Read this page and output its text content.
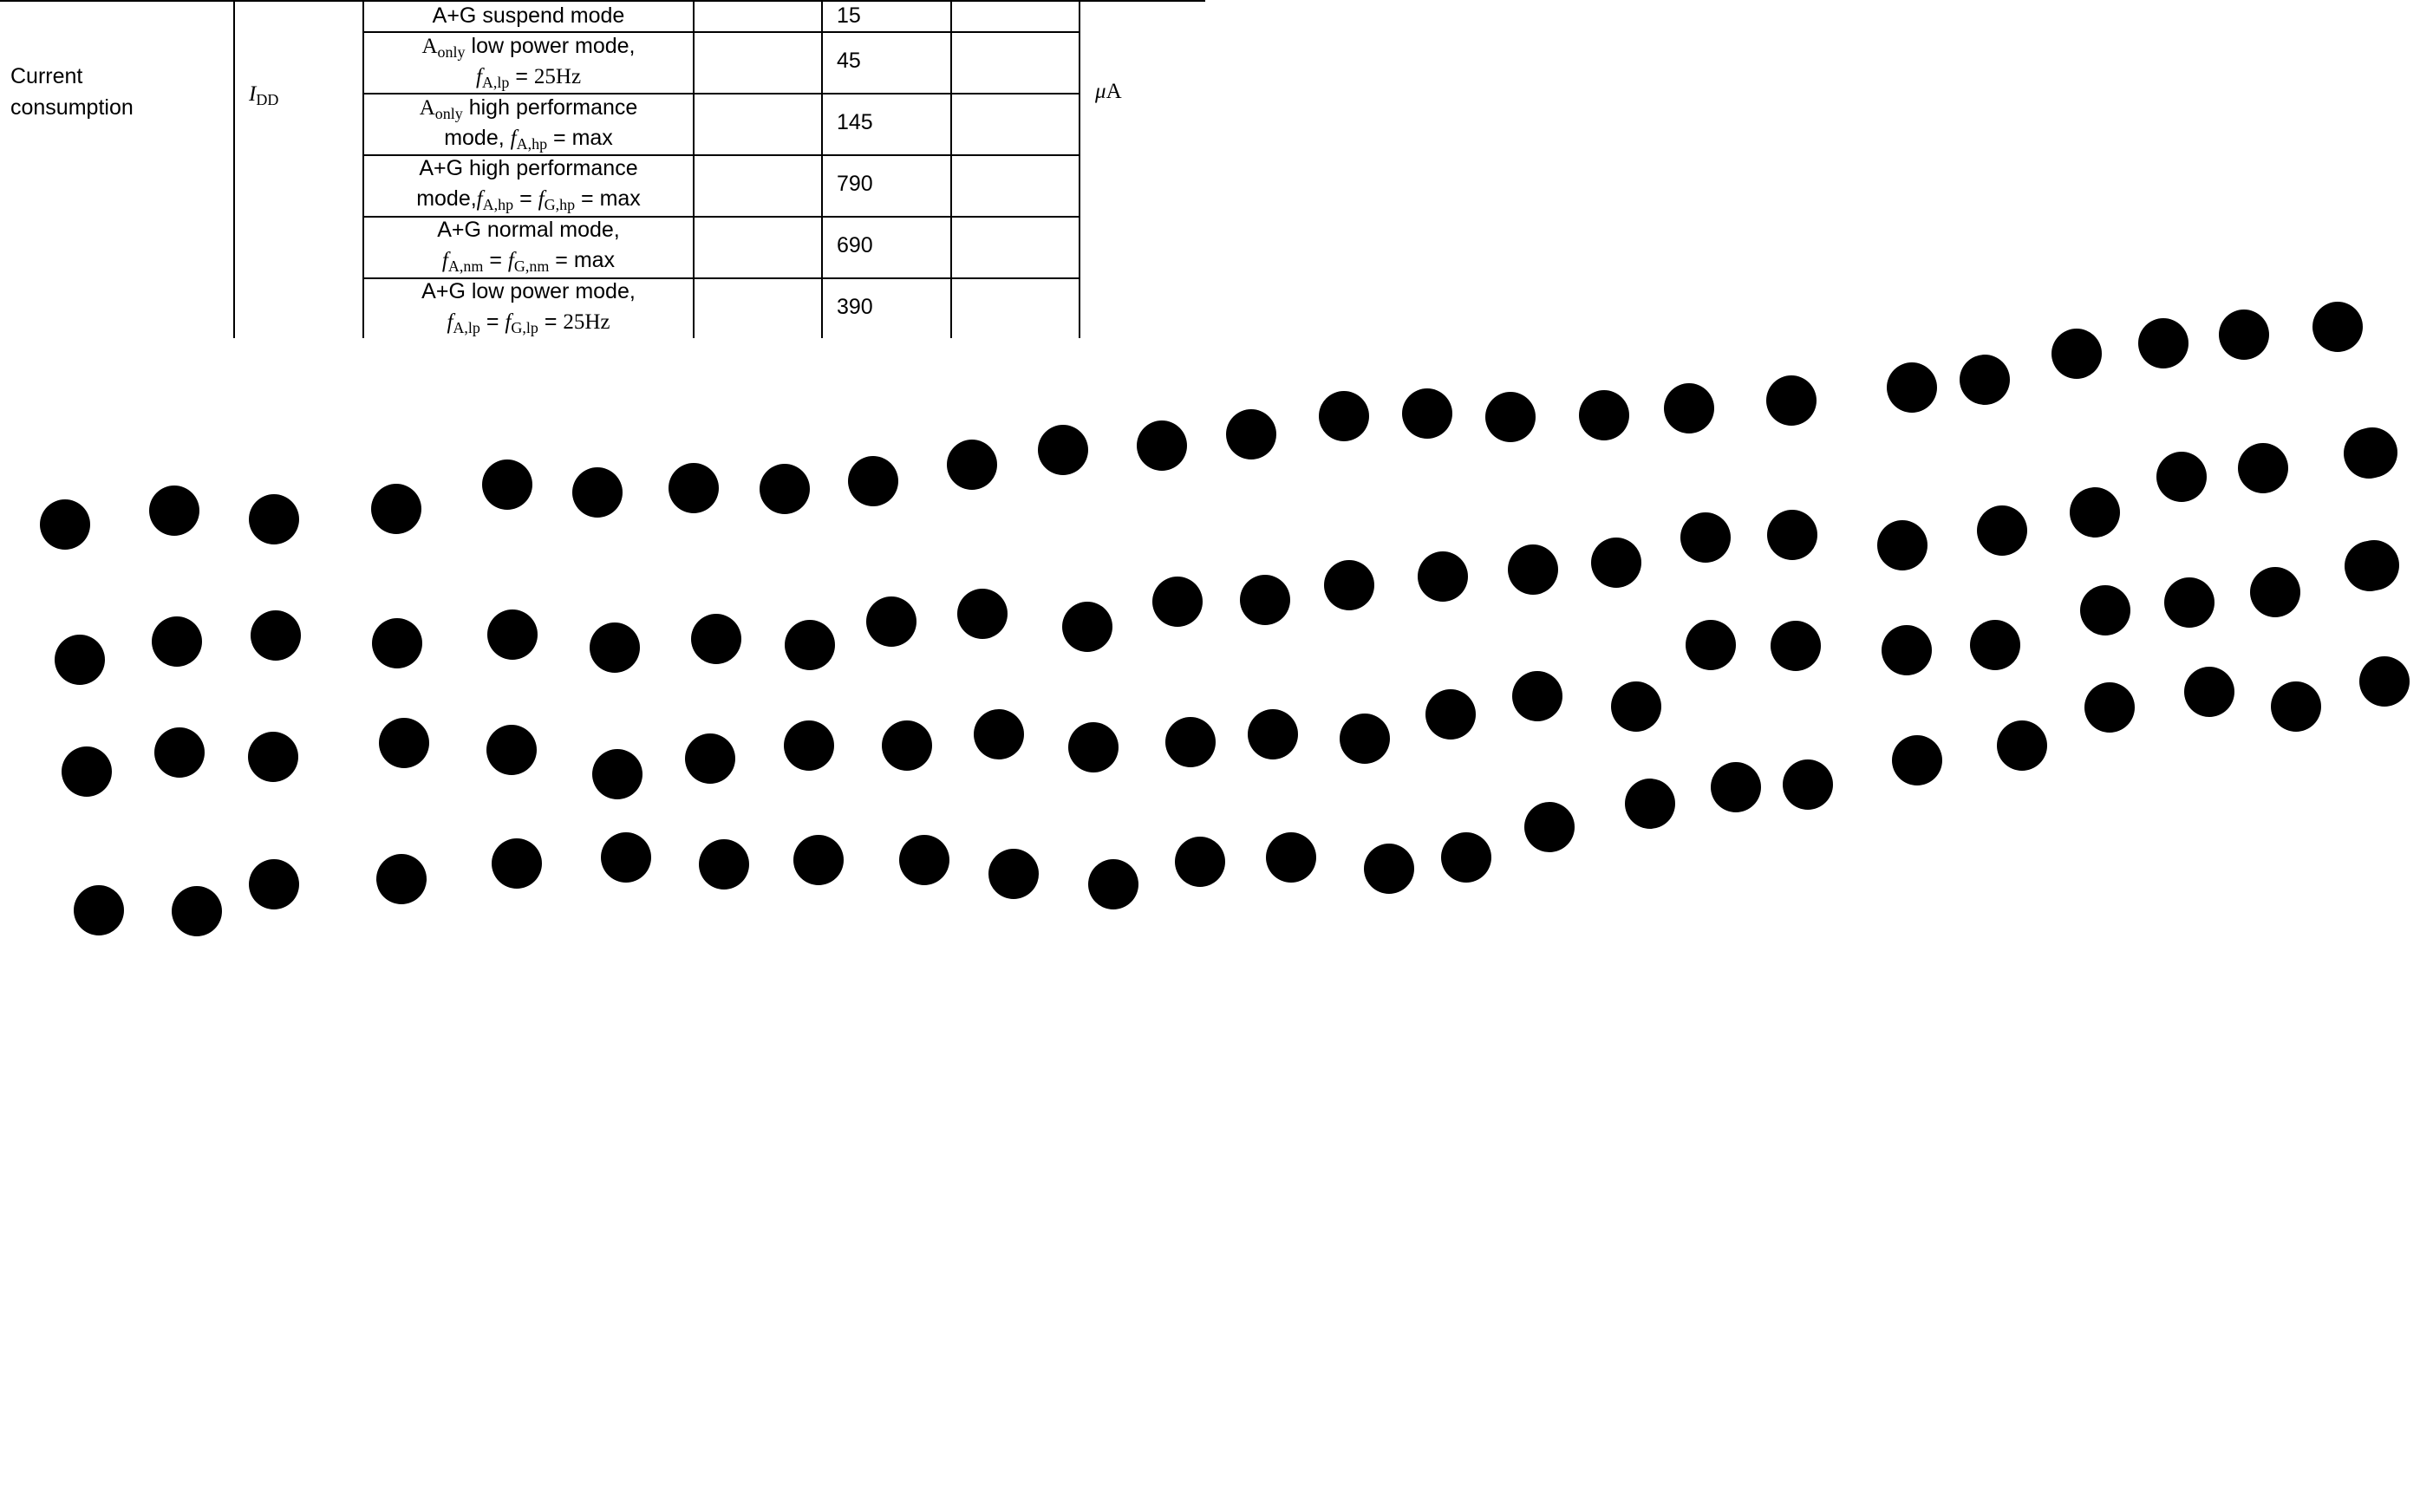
Current
consumption
$I_{DD}$	μA
A+G suspend mode	15
$A_{only}$ low power mode,
$f_{A,lp} = 25Hz$
45
$A_{only}$ high performance
mode, $f_{A,hp} = \max$
145
A+G high performance
$mode,f_{A,hp} = f_{G,hp} = \max$
790
A+G normal mode,
$f_{A,nm} = f_{G,nm} = \max$
690
A+G low power mode,
$f_{A,lp} = f_{G,lp} = 25Hz$
390
